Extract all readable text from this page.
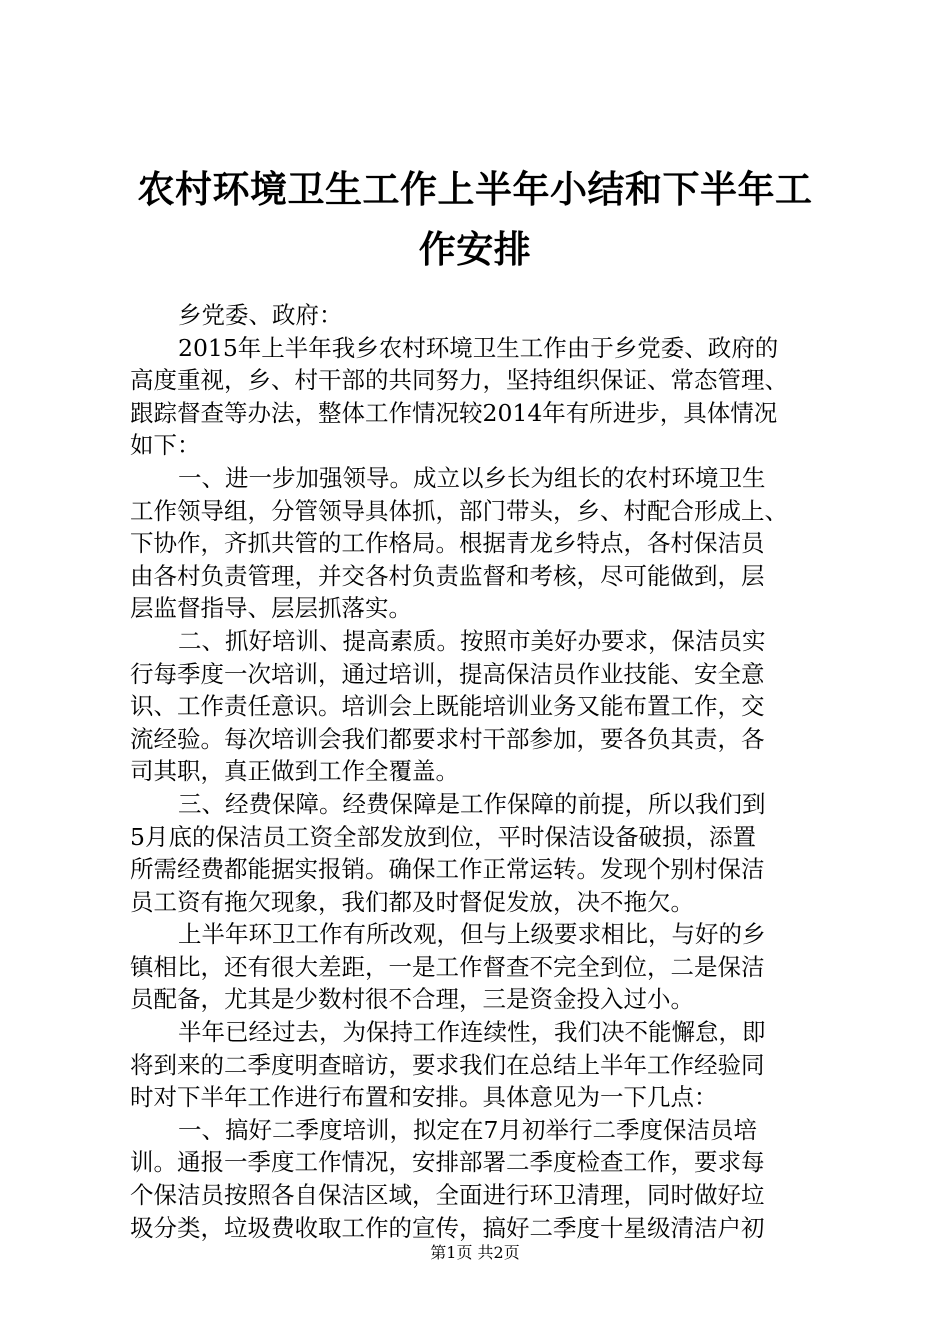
农村环境卫生工作上半年小结和下半年工作安排

乡党委、政府：

2015年上半年我乡农村环境卫生工作由于乡党委、政府的

高度重视，乡、村干部的共同努力，坚持组织保证、常态管理、

跟踪督查等办法，整体工作情况较2014年有所进步，具体情况

如下：

一、进一步加强领导。成立以乡长为组长的农村环境卫生

工作领导组，分管领导具体抓，部门带头，乡、村配合形成上、

下协作，齐抓共管的工作格局。根据青龙乡特点，各村保洁员

由各村负责管理，并交各村负责监督和考核，尽可能做到，层

层监督指导、层层抓落实。

二、抓好培训、提高素质。按照市美好办要求，保洁员实

行每季度一次培训，通过培训，提高保洁员作业技能、安全意

识、工作责任意识。培训会上既能培训业务又能布置工作，交

流经验。每次培训会我们都要求村干部参加，要各负其责，各

司其职，真正做到工作全覆盖。

三、经费保障。经费保障是工作保障的前提，所以我们到

5月底的保洁员工资全部发放到位，平时保洁设备破损，添置

所需经费都能据实报销。确保工作正常运转。发现个别村保洁

员工资有拖欠现象，我们都及时督促发放，决不拖欠。

上半年环卫工作有所改观，但与上级要求相比，与好的乡

镇相比，还有很大差距，一是工作督查不完全到位，二是保洁

员配备，尤其是少数村很不合理，三是资金投入过小。

半年已经过去，为保持工作连续性，我们决不能懈怠，即

将到来的二季度明查暗访，要求我们在总结上半年工作经验同

时对下半年工作进行布置和安排。具体意见为一下几点：

一、搞好二季度培训，拟定在7月初举行二季度保洁员培

训。通报一季度工作情况，安排部署二季度检查工作，要求每

个保洁员按照各自保洁区域，全面进行环卫清理，同时做好垃

圾分类，垃圾费收取工作的宣传，搞好二季度十星级清洁户初

第1页 共2页
